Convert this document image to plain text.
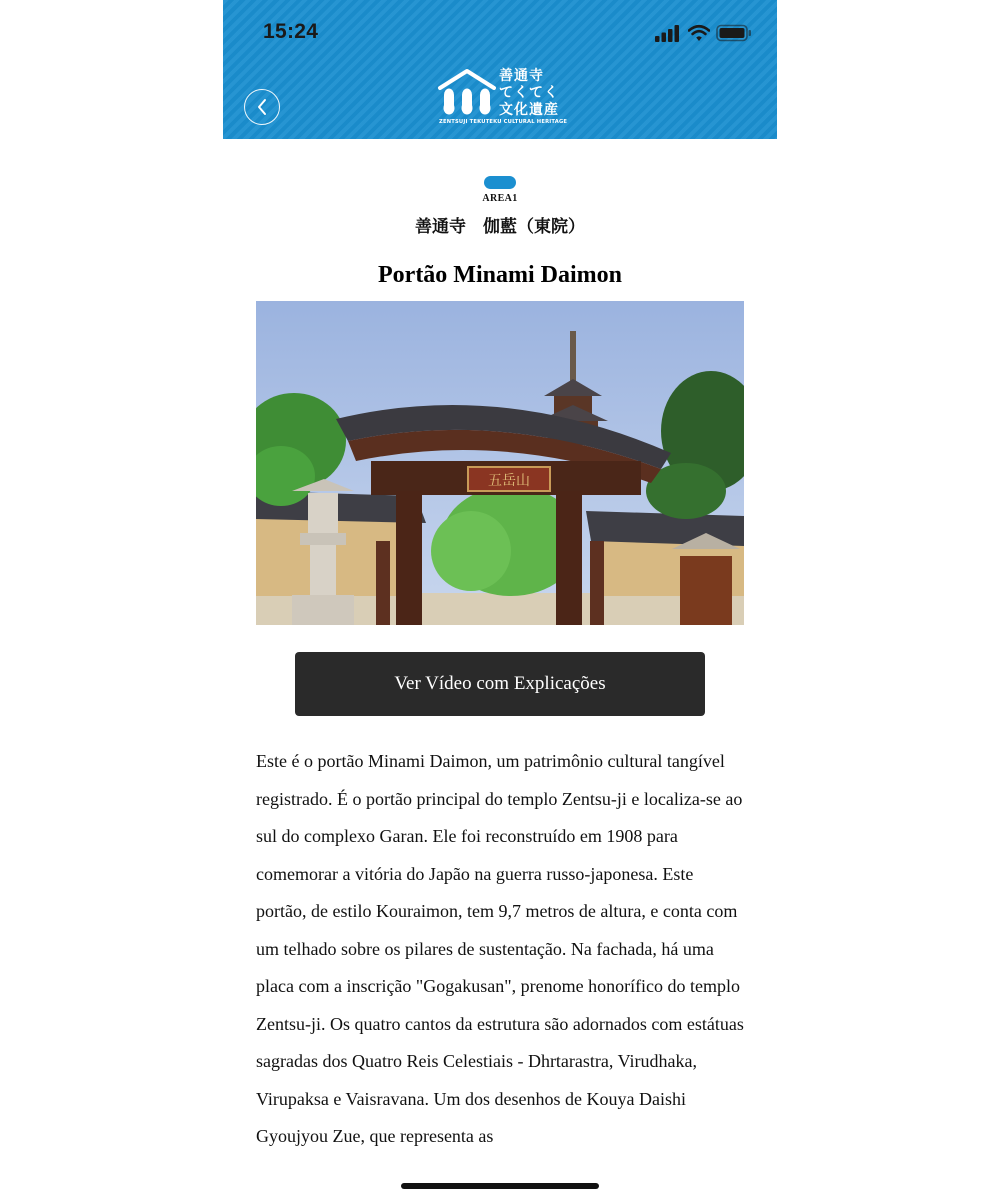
15:24
善通寺
てくてく
文化遺産
ZENTSUJI TEKUTEKU CULTURAL HERITAGE
AREA1
善通寺　伽藍（東院）
Portão Minami Daimon
五岳山
Ver Vídeo com Explicações

Este é o portão Minami Daimon, um patrimônio cultural tangível registrado. É o portão principal do templo Zentsu-ji e localiza-se ao sul do complexo Garan. Ele foi reconstruído em 1908 para comemorar a vitória do Japão na guerra russo-japonesa. Este portão, de estilo Kouraimon, tem 9,7 metros de altura, e conta com um telhado sobre os pilares de sustentação. Na fachada, há uma placa com a inscrição "Gogakusan", prenome honorífico do templo Zentsu-ji. Os quatro cantos da estrutura são adornados com estátuas sagradas dos Quatro Reis Celestiais - Dhrtarastra, Virudhaka, Virupaksa e Vaisravana. Um dos desenhos de Kouya Daishi Gyoujyou Zue, que representa as
